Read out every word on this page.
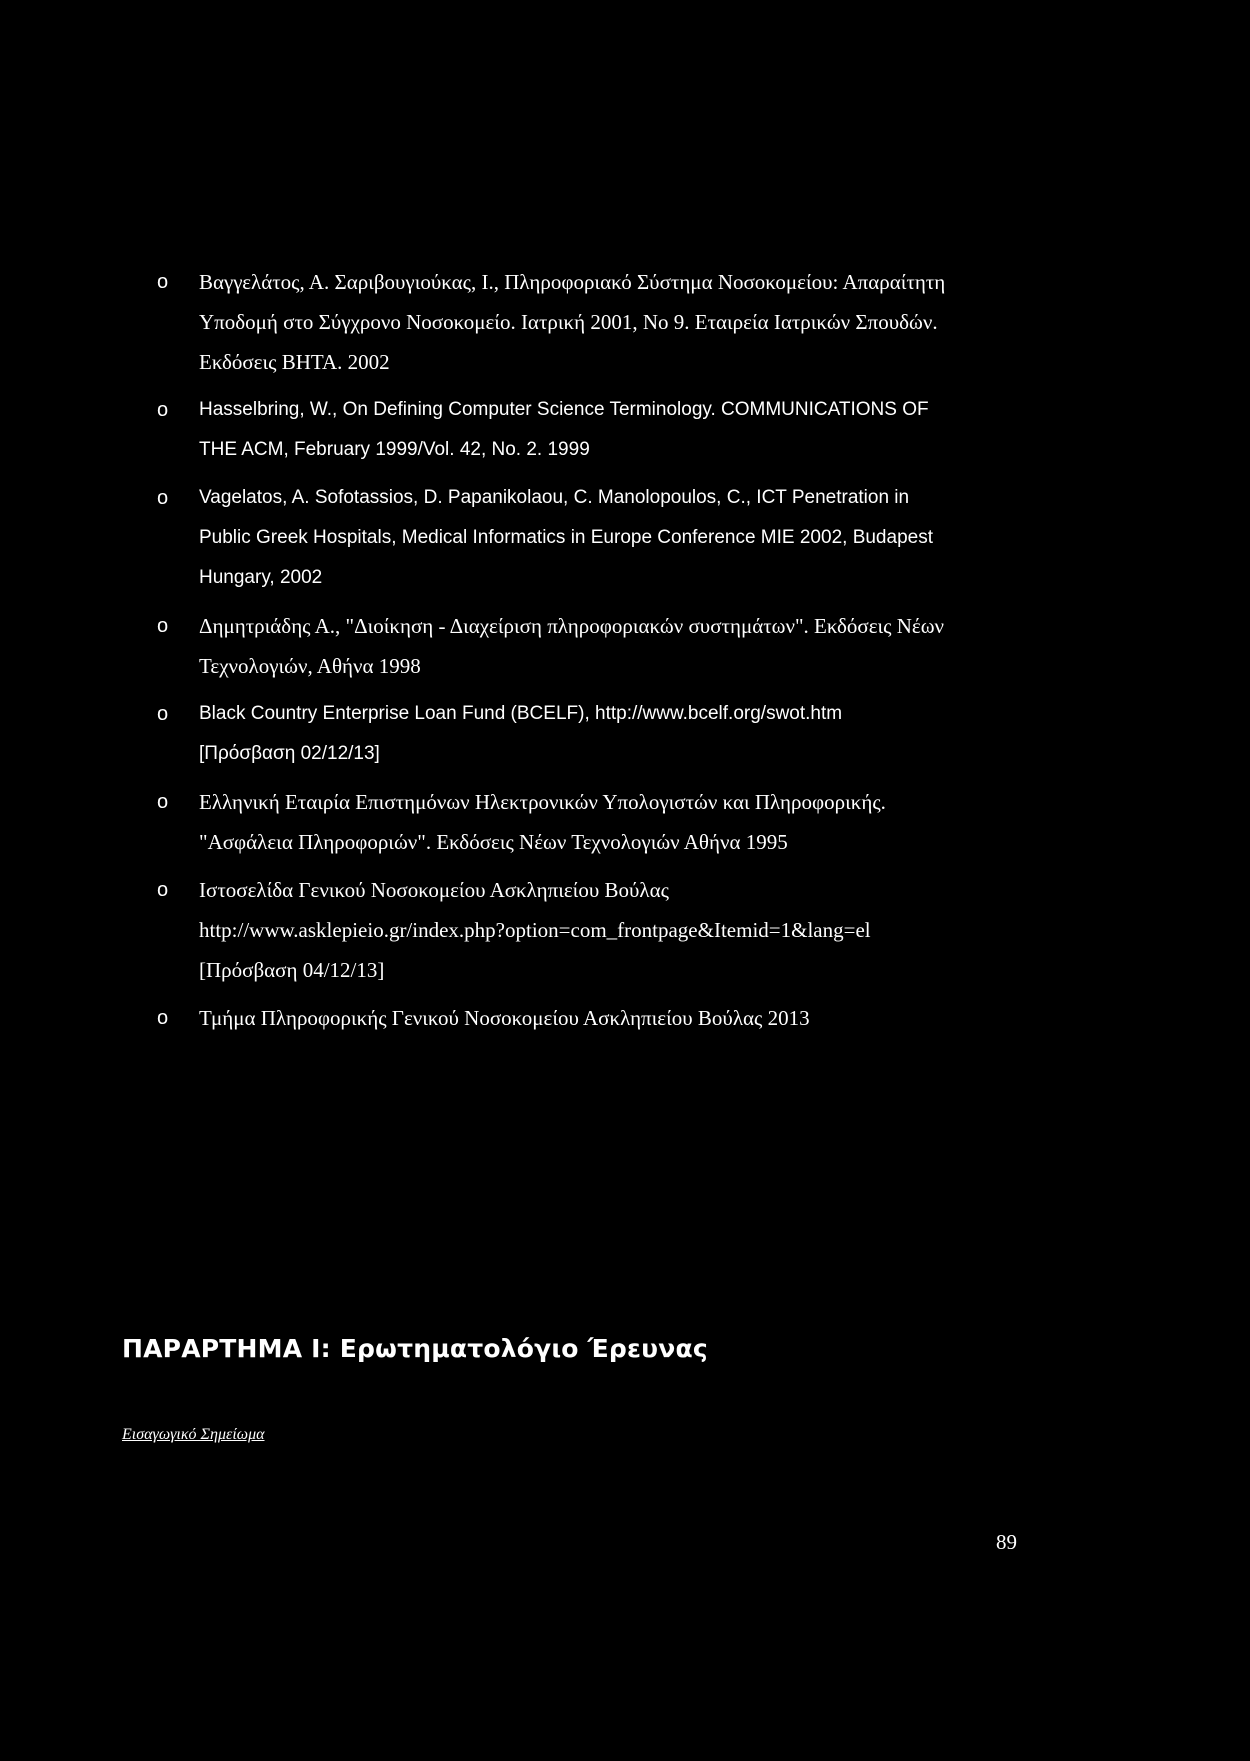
o	Βαγγελάτος, Α. Σαριβουγιούκας, Ι., Πληροφοριακό Σύστημα Νοσοκομείου: Απαραίτητη
Υποδομή στο Σύγχρονο Νοσοκομείο. Ιατρική 2001, Νο 9. Εταιρεία Ιατρικών Σπουδών.
Εκδόσεις ΒΗΤΑ. 2002
o	Hasselbring, W., On Defining Computer Science Terminology. COMMUNICATIONS OF
THE ACM, February 1999/Vol. 42, No. 2. 1999
o	Vagelatos, A. Sofotassios, D. Papanikolaou, C. Manolopoulos, C., ICT Penetration in
Public Greek Hospitals, Medical Informatics in Europe Conference MIE 2002, Budapest
Hungary, 2002
o	Δημητριάδης Α., "Διοίκηση - Διαχείριση πληροφοριακών συστημάτων". Εκδόσεις Νέων
Τεχνολογιών, Αθήνα 1998
o	Black Country Enterprise Loan Fund (BCELF), http://www.bcelf.org/swot.htm
[Πρόσβαση 02/12/13]
o	Ελληνική Εταιρία Επιστημόνων Ηλεκτρονικών Υπολογιστών και Πληροφορικής.
"Ασφάλεια Πληροφοριών". Εκδόσεις Νέων Τεχνολογιών Αθήνα 1995
o	Ιστοσελίδα Γενικού Νοσοκομείου Ασκληπιείου Βούλας
http://www.asklepieio.gr/index.php?option=com_frontpage&Itemid=1&lang=el
[Πρόσβαση 04/12/13]
o	Τμήμα Πληροφορικής Γενικού Νοσοκομείου Ασκληπιείου Βούλας 2013
ΠΑΡΑΡΤΗΜΑ Ι: Ερωτηματολόγιο Έρευνας
Εισαγωγικό Σημείωμα
89
